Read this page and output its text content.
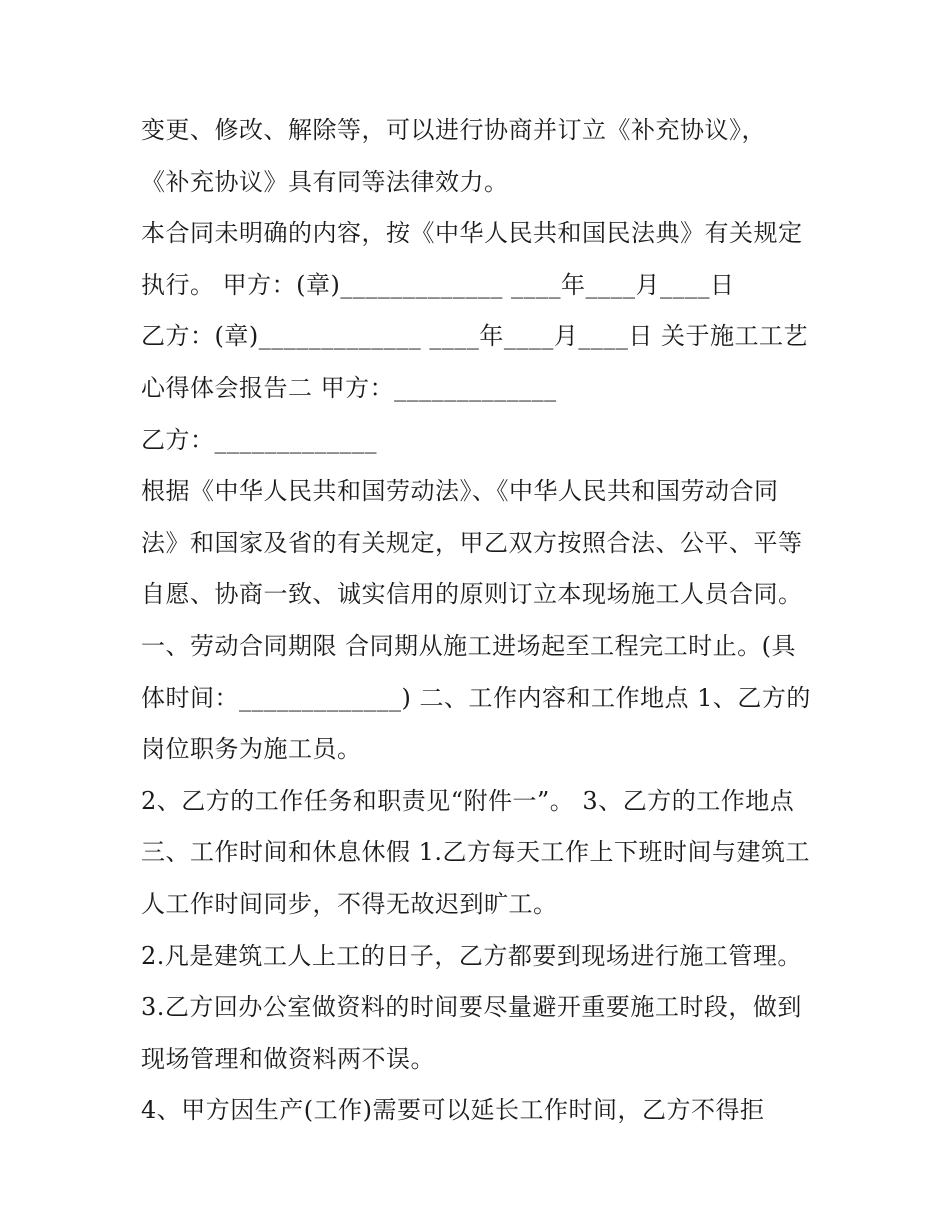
变更、修改、解除等，可以进行协商并订立《补充协议》，
《补充协议》具有同等法律效力。
本合同未明确的内容，按《中华人民共和国民法典》有关规定
执行。 甲方：(章)_____________ ____年____月____日
乙方：(章)_____________ ____年____月____日 关于施工工艺
心得体会报告二 甲方：_____________
乙方：_____________
根据《中华人民共和国劳动法》、《中华人民共和国劳动合同
法》和国家及省的有关规定，甲乙双方按照合法、公平、平等
自愿、协商一致、诚实信用的原则订立本现场施工人员合同。
一、劳动合同期限 合同期从施工进场起至工程完工时止。(具
体时间：_____________) 二、工作内容和工作地点 1、乙方的
岗位职务为施工员。
2、乙方的工作任务和职责见“附件一”。 3、乙方的工作地点
三、工作时间和休息休假 1.乙方每天工作上下班时间与建筑工
人工作时间同步，不得无故迟到旷工。
2.凡是建筑工人上工的日子，乙方都要到现场进行施工管理。
3.乙方回办公室做资料的时间要尽量避开重要施工时段，做到
现场管理和做资料两不误。
4、甲方因生产(工作)需要可以延长工作时间，乙方不得拒
